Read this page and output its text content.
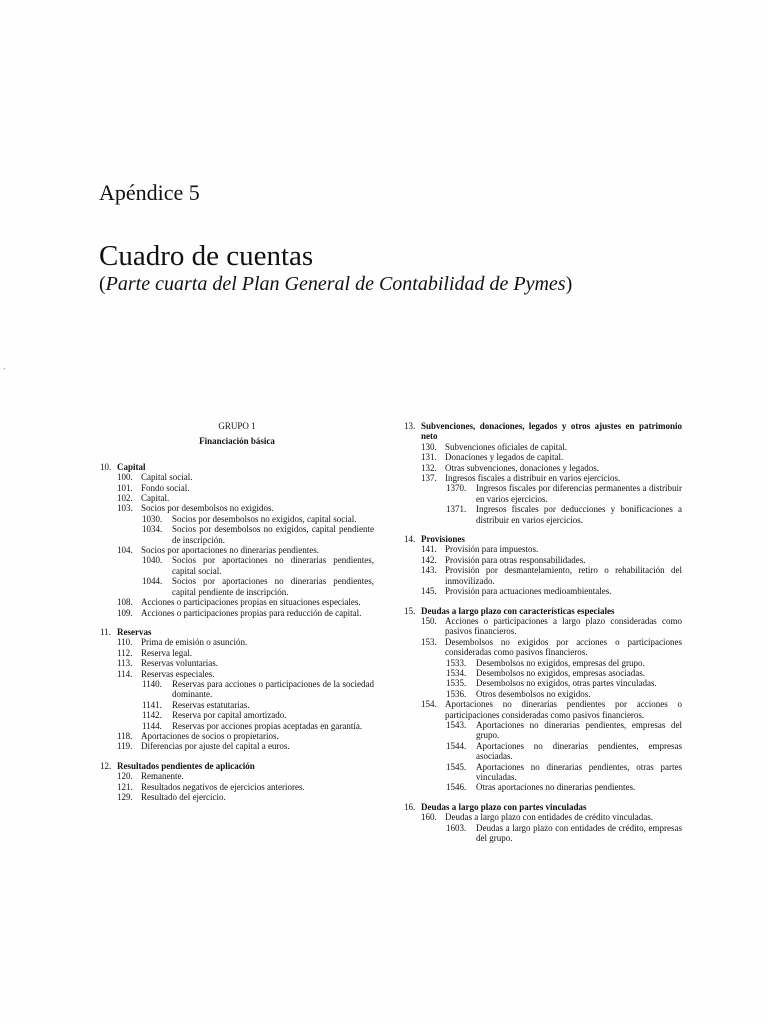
Apéndice 5
Cuadro de cuentas
(Parte cuarta del Plan General de Contabilidad de Pymes)
´
GRUPO 1
Financiación básica
10. Capital
100. Capital social.
101. Fondo social.
102. Capital.
103. Socios por desembolsos no exigidos.
1030.	Socios por desembolsos no exigidos, capital social.
1034.	Socios por desembolsos no exigidos, capital pendiente de inscripción.
104. Socios por aportaciones no dinerarias pendientes.
1040.	Socios por aportaciones no dinerarias pendientes, capital social.
1044.	Socios por aportaciones no dinerarias pendientes, capital pendiente de inscripción.
108. Acciones o participaciones propias en situaciones especiales.
109. Acciones o participaciones propias para reducción de capital.
11. Reservas
110. Prima de emisión o asunción.
112. Reserva legal.
113. Reservas voluntarias.
114. Reservas especiales.
1140.	Reservas para acciones o participaciones de la sociedad dominante.
1141.	Reservas estatutarias.
1142.	Reserva por capital amortizado.
1144.	Reservas por acciones propias aceptadas en garantía.
118. Aportaciones de socios o propietarios.
119. Diferencias por ajuste del capital a euros.
12. Resultados pendientes de aplicación
120. Remanente.
121. Resultados negativos de ejercicios anteriores.
129. Resultado del ejercicio.
13. Subvenciones, donaciones, legados y otros ajustes en patrimonio neto
130. Subvenciones oficiales de capital.
131. Donaciones y legados de capital.
132. Otras subvenciones, donaciones y legados.
137. Ingresos fiscales a distribuir en varios ejercicios.
1370.	Ingresos fiscales por diferencias permanentes a distribuir en varios ejercicios.
1371.	Ingresos fiscales por deducciones y bonificaciones a distribuir en varios ejercicios.
14. Provisiones
141. Provisión para impuestos.
142. Provisión para otras responsabilidades.
143. Provisión por desmantelamiento, retiro o rehabilitación del inmovilizado.
145. Provisión para actuaciones medioambientales.
15. Deudas a largo plazo con características especiales
150. Acciones o participaciones a largo plazo consideradas como pasivos financieros.
153. Desembolsos no exigidos por acciones o participaciones consideradas como pasivos financieros.
1533.	Desembolsos no exigidos, empresas del grupo.
1534.	Desembolsos no exigidos, empresas asociadas.
1535.	Desembolsos no exigidos, otras partes vinculadas.
1536.	Otros desembolsos no exigidos.
154. Aportaciones no dinerarias pendientes por acciones o participaciones consideradas como pasivos financieros.
1543.	Aportaciones no dinerarias pendientes, empresas del grupo.
1544.	Aportaciones no dinerarias pendientes, empresas asociadas.
1545.	Aportaciones no dinerarias pendientes, otras partes vinculadas.
1546.	Otras aportaciones no dinerarias pendientes.
16. Deudas a largo plazo con partes vinculadas
160. Deudas a largo plazo con entidades de crédito vinculadas.
1603.	Deudas a largo plazo con entidades de crédito, empresas del grupo.
